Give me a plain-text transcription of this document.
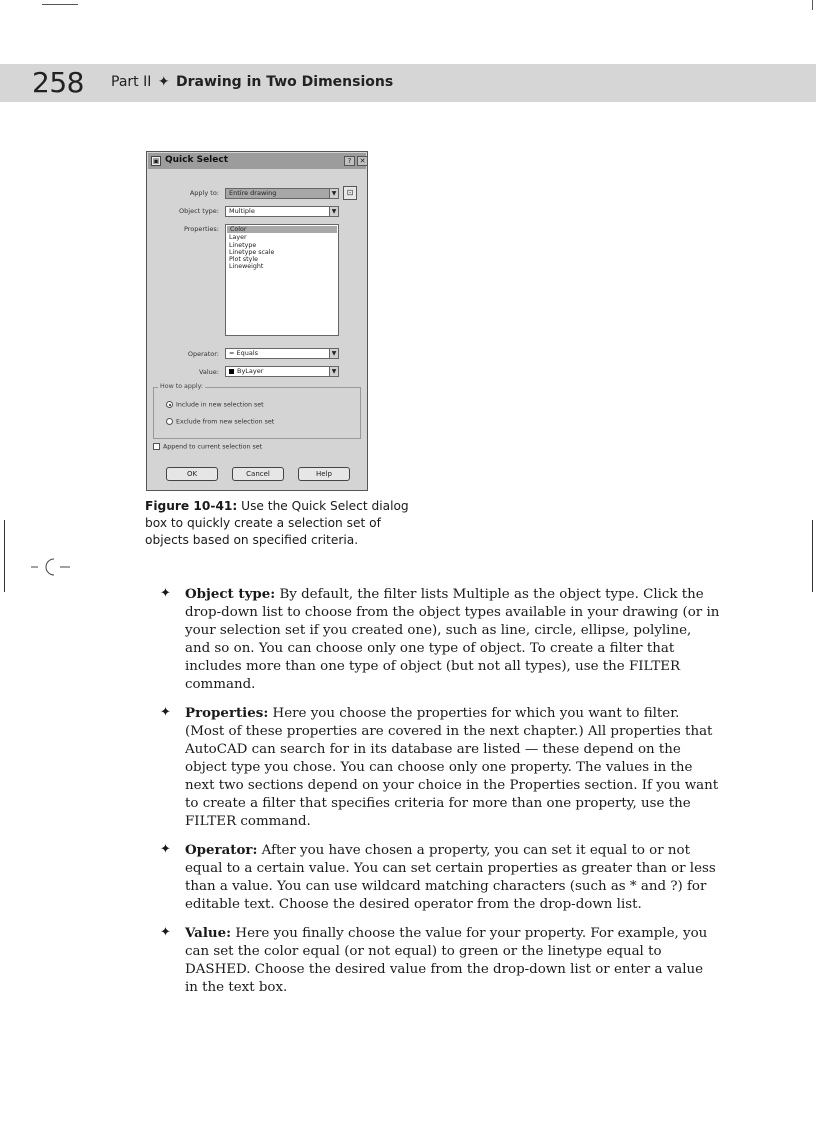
258 Part II ✦ Drawing in Two Dimensions
▣ Quick Select	?	✕
Apply to:	Entire drawing	▼	⊡
Object type:	Multiple	▼
Properties:	Color
Layer
Linetype
Linetype scale
Plot style
Lineweight
Operator:	= Equals	▼
Value:	ByLayer	▼
How to apply:
Include in new selection set
Exclude from new selection set
Append to current selection set
OK	Cancel	Help
Figure 10-41: Use the Quick Select dialog box to quickly create a selection set of objects based on specified criteria.
✦ Object type: By default, the filter lists Multiple as the object type. Click the drop-down list to choose from the object types available in your drawing (or in your selection set if you created one), such as line, circle, ellipse, polyline, and so on. You can choose only one type of object. To create a filter that includes more than one type of object (but not all types), use the FILTER command.
✦ Properties: Here you choose the properties for which you want to filter. (Most of these properties are covered in the next chapter.) All properties that AutoCAD can search for in its database are listed — these depend on the object type you chose. You can choose only one property. The values in the next two sections depend on your choice in the Properties section. If you want to create a filter that specifies criteria for more than one property, use the FILTER command.
✦ Operator: After you have chosen a property, you can set it equal to or not equal to a certain value. You can set certain properties as greater than or less than a value. You can use wildcard matching characters (such as * and ?) for editable text. Choose the desired operator from the drop-down list.
✦ Value: Here you finally choose the value for your property. For example, you can set the color equal (or not equal) to green or the linetype equal to DASHED. Choose the desired value from the drop-down list or enter a value in the text box.
